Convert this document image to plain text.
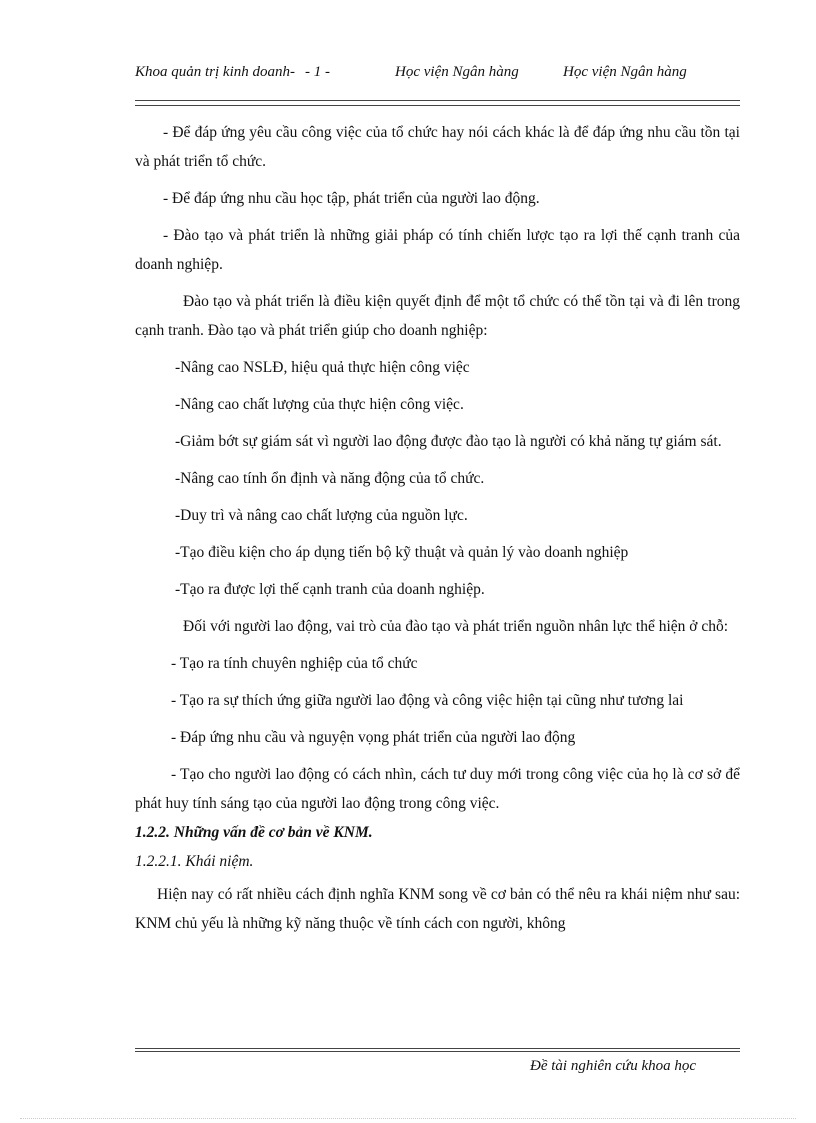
Khoa quản trị kinh doanh- - 1 -	Học viện Ngân hàng	Học viện Ngân hàng

- Để đáp ứng yêu cầu công việc của tổ chức hay nói cách khác là để đáp ứng nhu cầu tồn tại và phát triển tổ chức.

- Để đáp ứng nhu cầu học tập, phát triển của người lao động.

- Đào tạo và phát triển là những giải pháp có tính chiến lược tạo ra lợi thế cạnh tranh của doanh nghiệp.

Đào tạo và phát triển là điều kiện quyết định để một tổ chức có thể tồn tại và đi lên trong cạnh tranh. Đào tạo và phát triển giúp cho doanh nghiệp:

-Nâng cao NSLĐ, hiệu quả thực hiện công việc

-Nâng cao chất lượng của thực hiện công việc.

-Giảm bớt sự giám sát vì người lao động được đào tạo là người có khả năng tự giám sát.

-Nâng cao tính ổn định và năng động của tổ chức.

-Duy trì và nâng cao chất lượng của nguồn lực.

-Tạo điều kiện cho áp dụng tiến bộ kỹ thuật và quản lý vào doanh nghiệp

-Tạo ra được lợi thế cạnh tranh của doanh nghiệp.

Đối với người lao động, vai trò của đào tạo và phát triển nguồn nhân lực thể hiện ở chỗ:

- Tạo ra tính chuyên nghiệp của tổ chức

- Tạo ra sự thích ứng giữa người lao động và công việc hiện tại cũng như tương lai

- Đáp ứng nhu cầu và nguyện vọng phát triển của người lao động

- Tạo cho người lao động có cách nhìn, cách tư duy mới trong công việc của họ là cơ sở để phát huy tính sáng tạo của người lao động trong công việc.

1.2.2. Những vấn đề cơ bản về KNM.

1.2.2.1. Khái niệm.

Hiện nay có rất nhiều cách định nghĩa KNM song về cơ bản có thể nêu ra khái niệm như sau: KNM chủ yếu là những kỹ năng thuộc về tính cách con người, không

Đề tài nghiên cứu khoa học
